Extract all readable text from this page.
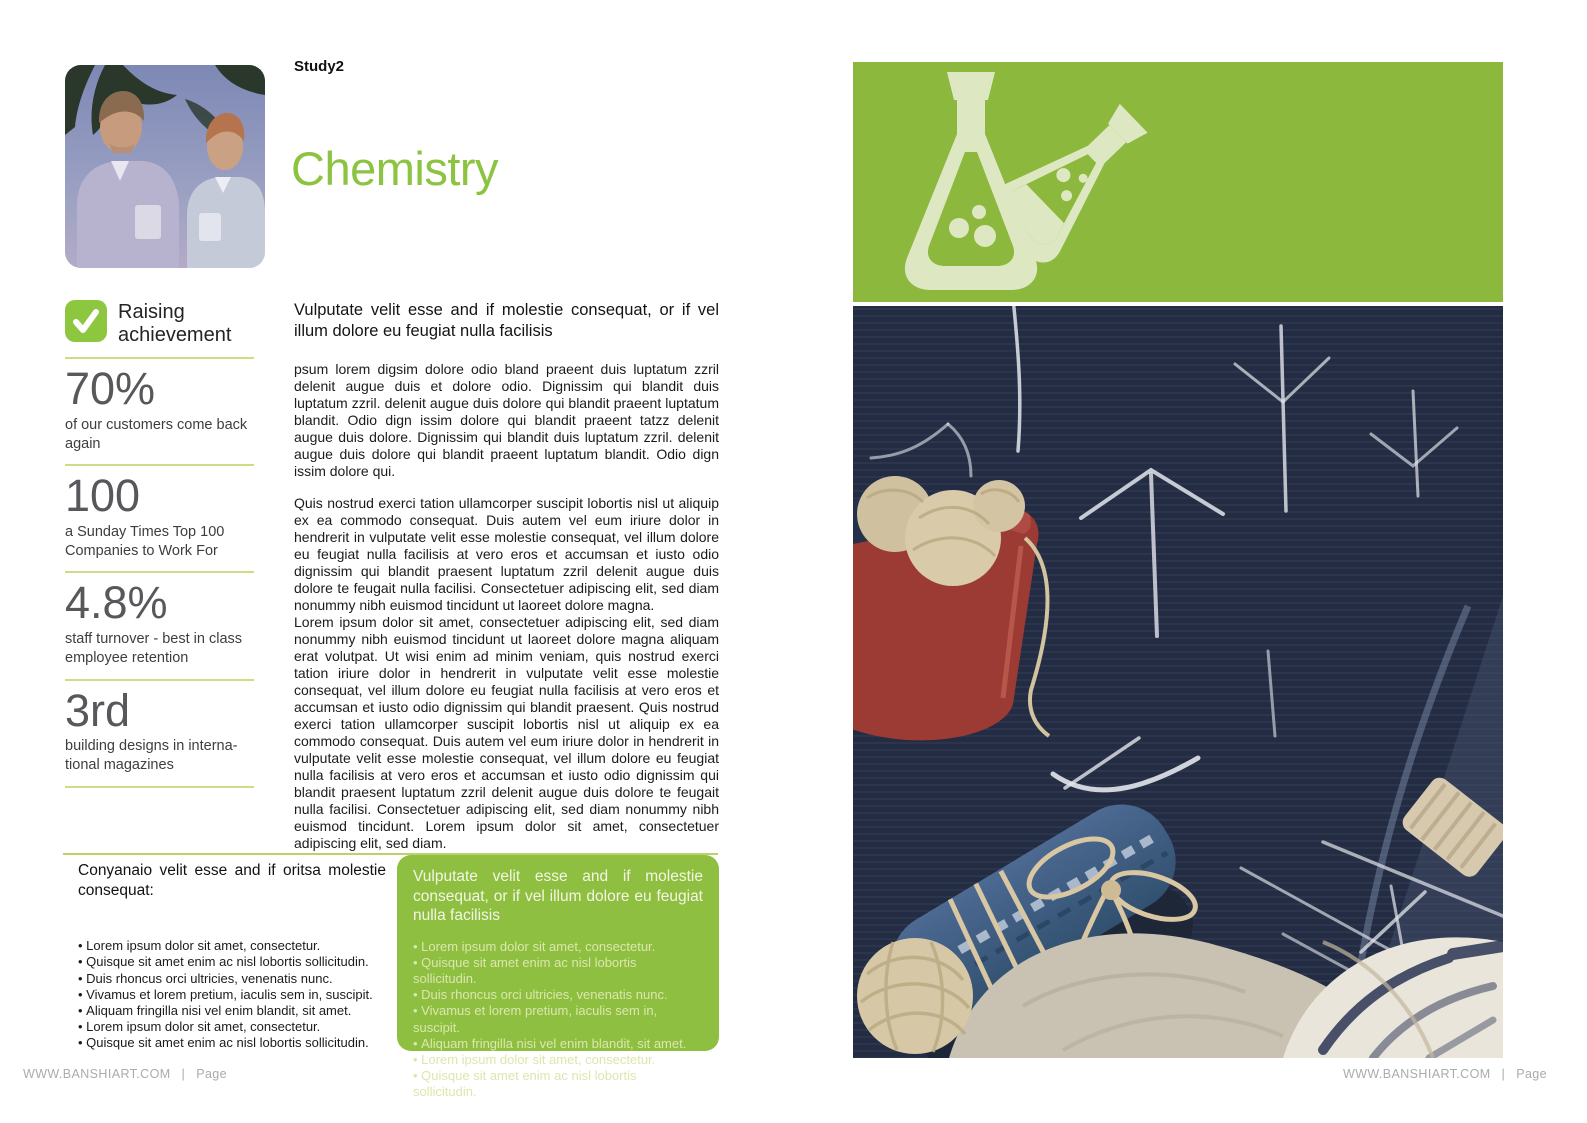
Study2
Chemistry
Raising achievement
70%
of our customers come back again
100
a Sunday Times Top 100 Companies to Work For
4.8%
staff turnover - best in class employee retention
3rd
building designs in interna-tional magazines

Vulputate velit esse and if molestie consequat, or if vel illum dolore eu feugiat nulla facilisis

psum lorem digsim dolore odio bland praeent duis luptatum zzril delenit augue duis et dolore odio. Dignissim qui blandit duis luptatum zzril. delenit augue duis dolore qui blandit praeent luptatum blandit. Odio dign issim dolore qui blandit praeent tatzz delenit augue duis dolore. Dignissim qui blandit duis luptatum zzril. delenit augue duis dolore qui blandit praeent luptatum blandit. Odio dign issim dolore qui.

Quis nostrud exerci tation ullamcorper suscipit lobortis nisl ut aliquip ex ea commodo consequat. Duis autem vel eum iriure dolor in hendrerit in vulputate velit esse molestie consequat, vel illum dolore eu feugiat nulla facilisis at vero eros et accumsan et iusto odio dignissim qui blandit praesent luptatum zzril delenit augue duis dolore te feugait nulla facilisi. Consectetuer adipiscing elit, sed diam nonummy nibh euismod tincidunt ut laoreet dolore magna.

Lorem ipsum dolor sit amet, consectetuer adipiscing elit, sed diam nonummy nibh euismod tincidunt ut laoreet dolore magna aliquam erat volutpat. Ut wisi enim ad minim veniam, quis nostrud exerci tation iriure dolor in hendrerit in vulputate velit esse molestie consequat, vel illum dolore eu feugiat nulla facilisis at vero eros et accumsan et iusto odio dignissim qui blandit praesent. Quis nostrud exerci tation ullamcorper suscipit lobortis nisl ut aliquip ex ea commodo consequat. Duis autem vel eum iriure dolor in hendrerit in vulputate velit esse molestie consequat, vel illum dolore eu feugiat nulla facilisis at vero eros et accumsan et iusto odio dignissim qui blandit praesent luptatum zzril delenit augue duis dolore te feugait nulla facilisi. Consectetuer adipiscing elit, sed diam nonummy nibh euismod tincidunt. Lorem ipsum dolor sit amet, consectetuer adipiscing elit, sed diam.

Conyanaio velit esse and if oritsa molestie consequat:

• Lorem ipsum dolor sit amet, consectetur.
• Quisque sit amet enim ac nisl lobortis sollicitudin.
• Duis rhoncus orci ultricies, venenatis nunc.
• Vivamus et lorem pretium, iaculis sem in, suscipit.
• Aliquam fringilla nisi vel enim blandit, sit amet.
• Lorem ipsum dolor sit amet, consectetur.
• Quisque sit amet enim ac nisl lobortis sollicitudin.

Vulputate velit esse and if molestie consequat, or if vel illum dolore eu feugiat nulla facilisis

• Lorem ipsum dolor sit amet, consectetur.
• Quisque sit amet enim ac nisl lobortis sollicitudin.
• Duis rhoncus orci ultricies, venenatis nunc.
• Vivamus et lorem pretium, iaculis sem in, suscipit.
• Aliquam fringilla nisi vel enim blandit, sit amet.
• Lorem ipsum dolor sit amet, consectetur.
• Quisque sit amet enim ac nisl lobortis sollicitudin.
WWW.BANSHIART.COM | Page	WWW.BANSHIART.COM | Page
